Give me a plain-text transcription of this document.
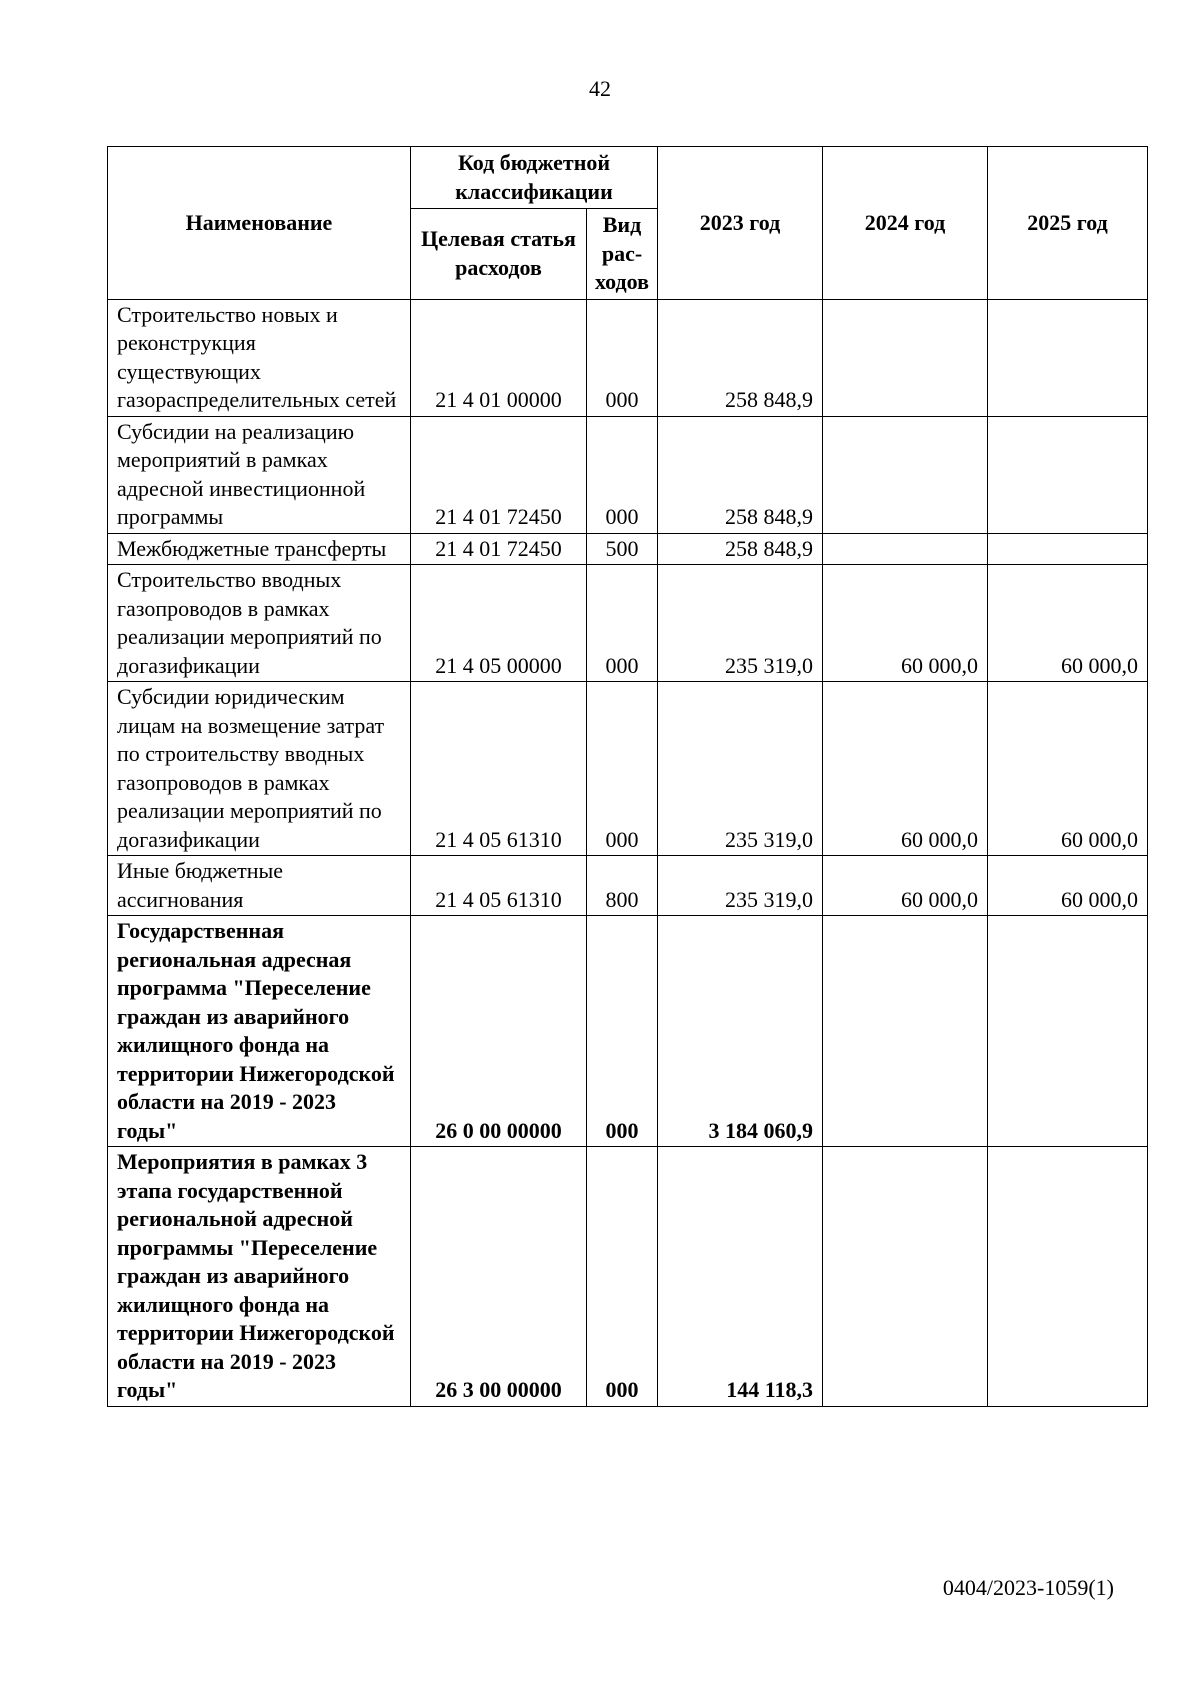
42
Наименование	Код бюджетной классификации		2023 год	2024 год	2025 год
	Целевая статья расходов	Вид рас-ходов			
Строительство новых и реконструкция существующих газораспределительных сетей	21 4 01 00000	000	258 848,9		
Субсидии на реализацию мероприятий в рамках адресной инвестиционной программы	21 4 01 72450	000	258 848,9		
Межбюджетные трансферты	21 4 01 72450	500	258 848,9		
Строительство вводных газопроводов в рамках реализации мероприятий по догазификации	21 4 05 00000	000	235 319,0	60 000,0	60 000,0
Субсидии юридическим лицам на возмещение затрат по строительству вводных газопроводов в рамках реализации мероприятий по догазификации	21 4 05 61310	000	235 319,0	60 000,0	60 000,0
Иные бюджетные ассигнования	21 4 05 61310	800	235 319,0	60 000,0	60 000,0
Государственная региональная адресная программа "Переселение граждан из аварийного жилищного фонда на территории Нижегородской области на 2019 - 2023 годы"	26 0 00 00000	000	3 184 060,9		
Мероприятия в рамках 3 этапа государственной региональной адресной программы "Переселение граждан из аварийного жилищного фонда на территории Нижегородской области на 2019 - 2023 годы"	26 3 00 00000	000	144 118,3		
0404/2023-1059(1)
